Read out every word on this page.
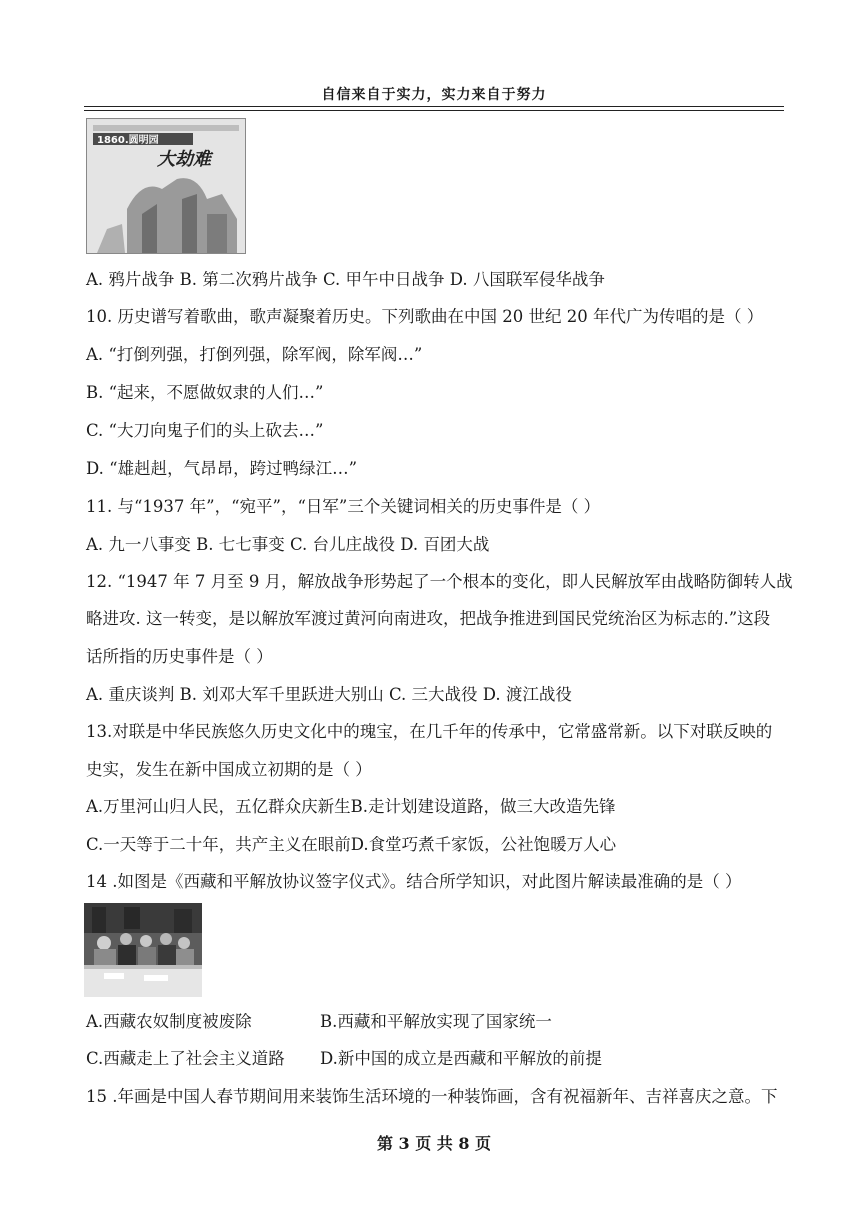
自信来自于实力，实力来自于努力
1860.圆明园
大劫难
A. 鸦片战争 B. 第二次鸦片战争 C. 甲午中日战争 D. 八国联军侵华战争
10. 历史谱写着歌曲，歌声凝聚着历史。下列歌曲在中国 20 世纪 20 年代广为传唱的是（ ）
A. “打倒列强，打倒列强，除军阀，除军阀…”
B. “起来，不愿做奴隶的人们…”
C. “大刀向鬼子们的头上砍去…”
D. “雄赳赳，气昂昂，跨过鸭绿江…”
11. 与“1937 年”，“宛平”，“日军”三个关键词相关的历史事件是（ ）
A. 九一八事变 B. 七七事变 C. 台儿庄战役 D. 百团大战
12. “1947 年 7 月至 9 月，解放战争形势起了一个根本的变化，即人民解放军由战略防御转人战
略进攻. 这一转变，是以解放军渡过黄河向南进攻，把战争推进到国民党统治区为标志的.”这段
话所指的历史事件是（ ）
A. 重庆谈判 B. 刘邓大军千里跃进大别山 C. 三大战役 D. 渡江战役
13.对联是中华民族悠久历史文化中的瑰宝，在几千年的传承中，它常盛常新。以下对联反映的
史实，发生在新中国成立初期的是（ ）
A.万里河山归人民，五亿群众庆新生B.走计划建设道路，做三大改造先锋
C.一天等于二十年，共产主义在眼前D.食堂巧煮千家饭，公社饱暖万人心
14 .如图是《西藏和平解放协议签字仪式》。结合所学知识，对此图片解读最准确的是（ ）
A.西藏农奴制度被废除	B.西藏和平解放实现了国家统一
C.西藏走上了社会主义道路 D.新中国的成立是西藏和平解放的前提
15 .年画是中国人春节期间用来装饰生活环境的一种装饰画，含有祝福新年、吉祥喜庆之意。下
第 3 页 共 8 页
